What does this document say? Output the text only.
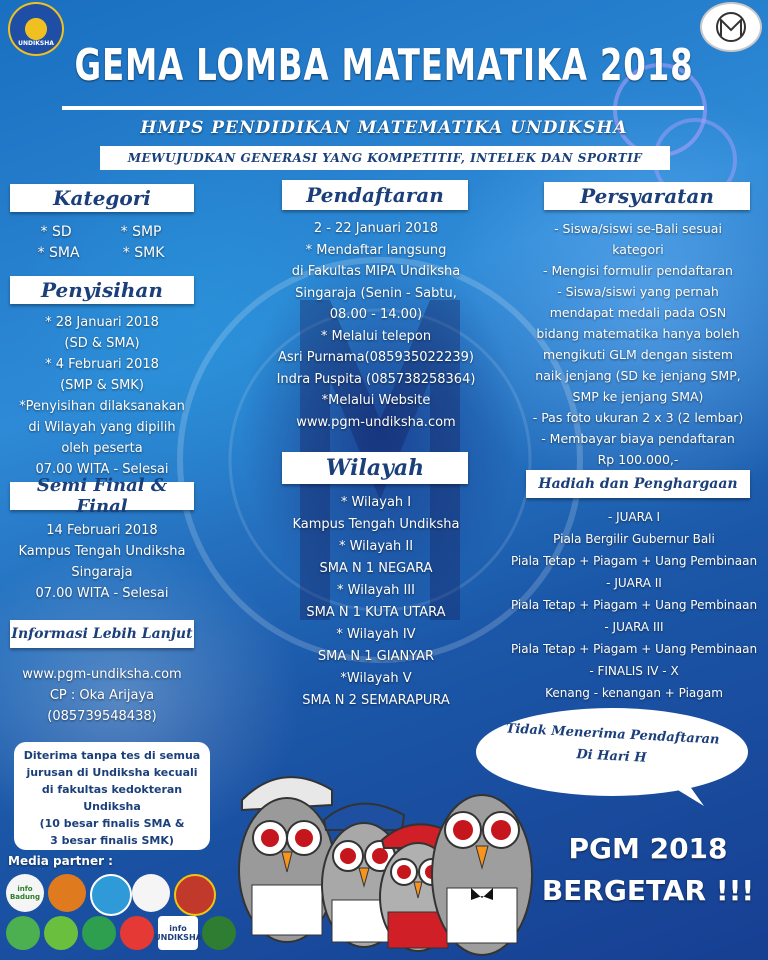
UNDIKSHA GEMA LOMBA MATEMATIKA 2018
HMPS PENDIDIKAN MATEMATIKA UNDIKSHA
MEWUJUDKAN GENERASI YANG KOMPETITIF, INTELEK DAN SPORTIF
Kategori
* SD	* SMP
* SMA	* SMK
Penyisihan
* 28 Januari 2018
(SD & SMA)
* 4 Februari 2018
(SMP & SMK)
*Penyisihan dilaksanakan
di Wilayah yang dipilih
oleh peserta
07.00 WITA - Selesai
Semi Final & Final
14 Februari 2018
Kampus Tengah Undiksha
Singaraja
07.00 WITA - Selesai
Informasi Lebih Lanjut
www.pgm-undiksha.com
CP : Oka Arijaya
(085739548438)
Diterima tanpa tes di semua
jurusan di Undiksha kecuali
di fakultas kedokteran
Undiksha
(10 besar finalis SMA &
3 besar finalis SMK)
Pendaftaran
2 - 22 Januari 2018
* Mendaftar langsung
di Fakultas MIPA Undiksha
Singaraja (Senin - Sabtu,
08.00 - 14.00)
* Melalui telepon
Asri Purnama(085935022239)
Indra Puspita (085738258364)
*Melalui Website
www.pgm-undiksha.com
Wilayah
* Wilayah I
Kampus Tengah Undiksha
* Wilayah II
SMA N 1 NEGARA
* Wilayah III
SMA N 1 KUTA UTARA
* Wilayah IV
SMA N 1 GIANYAR
*Wilayah V
SMA N 2 SEMARAPURA
Persyaratan
- Siswa/siswi se-Bali sesuai
kategori
- Mengisi formulir pendaftaran
- Siswa/siswi yang pernah
mendapat medali pada OSN
bidang matematika hanya boleh
mengikuti GLM dengan sistem
naik jenjang (SD ke jenjang SMP,
SMP ke jenjang SMA)
- Pas foto ukuran 2 x 3 (2 lembar)
- Membayar biaya pendaftaran
Rp 100.000,-
Hadiah dan Penghargaan
- JUARA I
Piala Bergilir Gubernur Bali
Piala Tetap + Piagam + Uang Pembinaan
- JUARA II
Piala Tetap + Piagam + Uang Pembinaan
- JUARA III
Piala Tetap + Piagam + Uang Pembinaan
- FINALIS IV - X
Kenang - kenangan + Piagam
Tidak Menerima Pendaftaran
Di Hari H
PGM 2018
BERGETAR !!!
Media partner :
info Badung
info UNDIKSHA
